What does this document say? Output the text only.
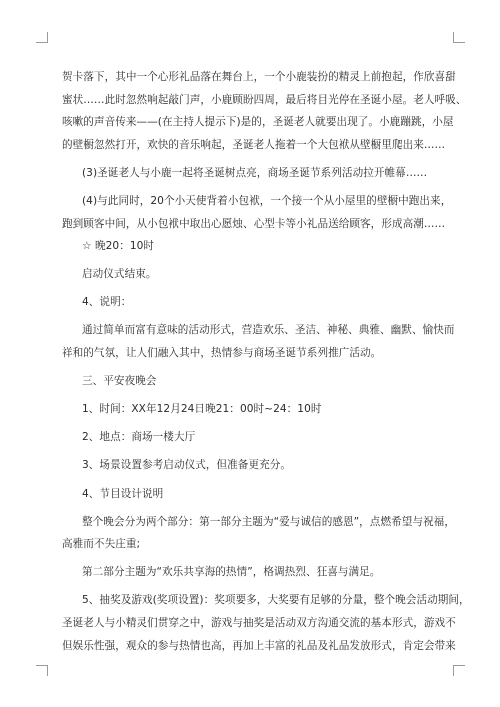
贺卡落下，其中一个心形礼品落在舞台上，一个小鹿装扮的精灵上前抱起，作欣喜甜

蜜状……此时忽然响起敲门声，小鹿顾盼四周，最后将目光停在圣诞小屋。老人呼吸、

咳嗽的声音传来——(在主持人提示下)是的，圣诞老人就要出现了。小鹿蹦跳，小屋

的壁橱忽然打开，欢快的音乐响起，圣诞老人拖着一个大包袱从壁橱里爬出来……

(3)圣诞老人与小鹿一起将圣诞树点亮，商场圣诞节系列活动拉开帷幕……

(4)与此同时，20个小天使背着小包袱，一个接一个从小屋里的壁橱中跑出来，

跑到顾客中间，从小包袱中取出心愿烛、心型卡等小礼品送给顾客，形成高潮……

☆ 晚20：10时

启动仪式结束。

4、说明：

通过简单而富有意味的活动形式，营造欢乐、圣洁、神秘、典雅、幽默、愉快而

祥和的气氛，让人们融入其中，热情参与商场圣诞节系列推广活动。

三、平安夜晚会

1、时间：XX年12月24日晚21：00时~24：10时

2、地点：商场一楼大厅

3、场景设置参考启动仪式，但准备更充分。

4、节目设计说明

整个晚会分为两个部分：第一部分主题为“爱与诚信的感恩”，点燃希望与祝福，

高雅而不失庄重;

第二部分主题为“欢乐共享海的热情”，格调热烈、狂喜与满足。

5、抽奖及游戏(奖项设置)：奖项要多，大奖要有足够的分量，整个晚会活动期间，

圣诞老人与小精灵们贯穿之中，游戏与抽奖是活动双方沟通交流的基本形式，游戏不

但娱乐性强，观众的参与热情也高，再加上丰富的礼品及礼品发放形式，肯定会带来
